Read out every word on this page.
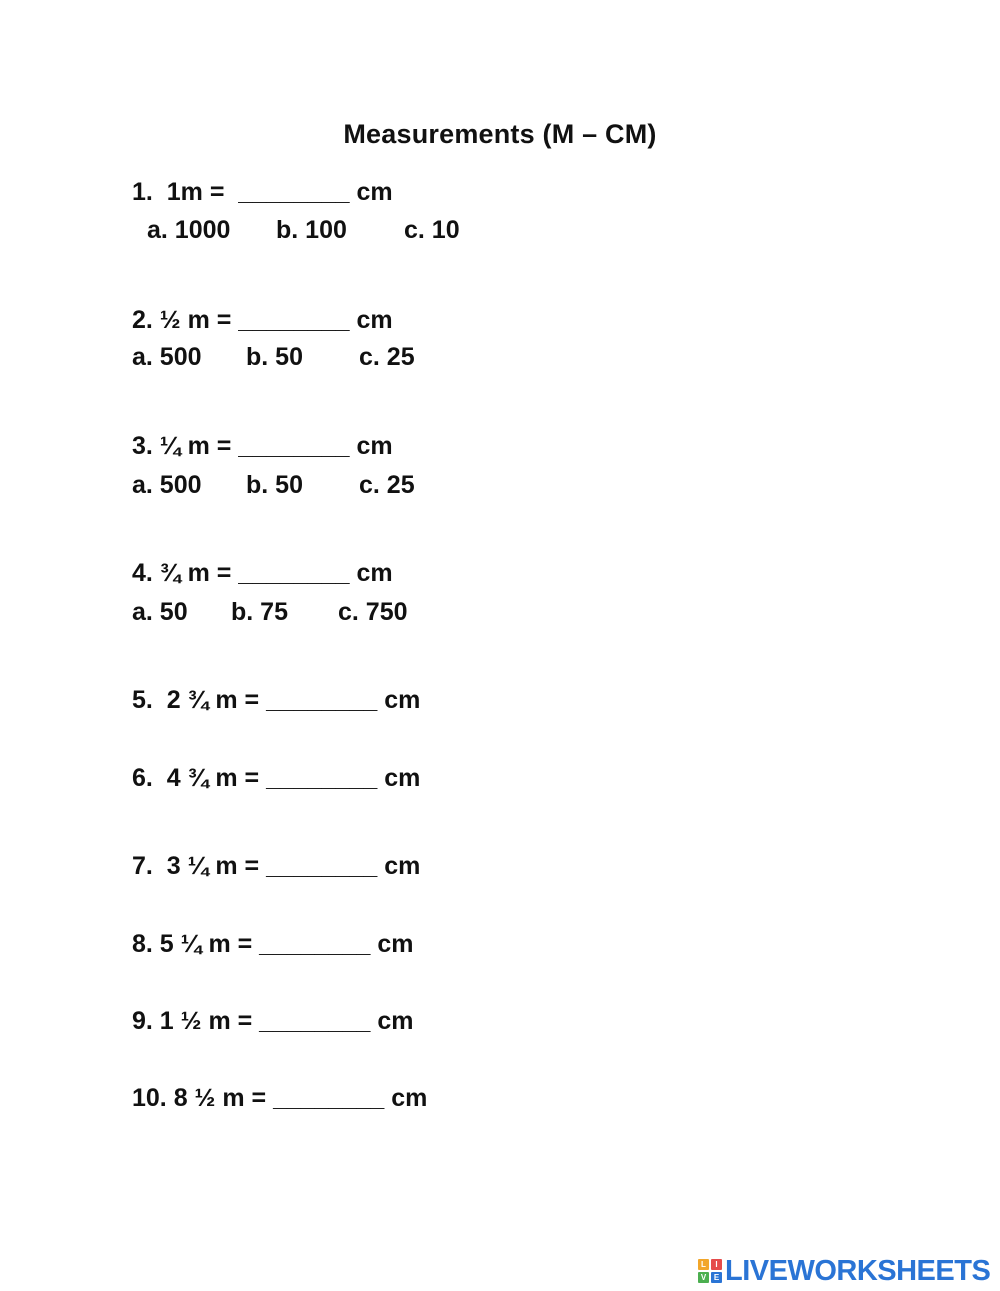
Measurements (M – CM)
1.  1m =  ________ cm
a. 1000 b. 100 c. 10
2. ½ m = ________ cm
a. 500 b. 50 c. 25
3. ¼ m = ________ cm
a. 500 b. 50 c. 25
4. ¾ m = ________ cm
a. 50 b. 75 c. 750
5.  2 ¾ m = ________ cm
6.  4 ¾ m = ________ cm
7.  3 ¼ m = ________ cm
8. 5 ¼ m = ________ cm
9. 1 ½ m = ________ cm
10. 8 ½ m = ________ cm
L	I
V E LIVEWORKSHEETS
